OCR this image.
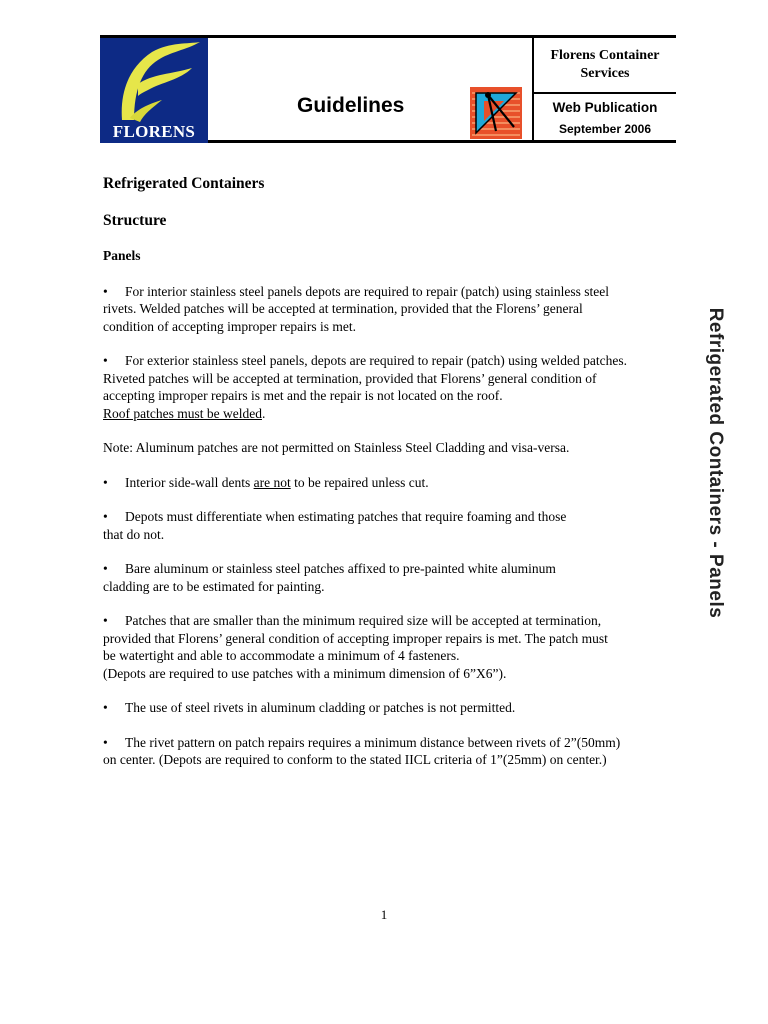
FLORENS
Guidelines
Florens Container
Services
Web Publication
September 2006
Refrigerated Containers
Structure
Panels
• For interior stainless steel panels depots are required to repair (patch) using stainless steel
rivets. Welded patches will be accepted at termination, provided that the Florens’ general
condition of accepting improper repairs is met.
• For exterior stainless steel panels, depots are required to repair (patch) using welded patches.
Riveted patches will be accepted at termination, provided that Florens’ general condition of
accepting improper repairs is met and the repair is not located on the roof.
Roof patches must be welded.
Note: Aluminum patches are not permitted on Stainless Steel Cladding and visa-versa.
• Interior side-wall dents are not to be repaired unless cut.
• Depots must differentiate when estimating patches that require foaming and those
that do not.
• Bare aluminum or stainless steel patches affixed to pre-painted white aluminum
cladding are to be estimated for painting.
• Patches that are smaller than the minimum required size will be accepted at termination,
provided that Florens’ general condition of accepting improper repairs is met. The patch must
be watertight and able to accommodate a minimum of 4 fasteners.
(Depots are required to use patches with a minimum dimension of 6”X6”).
• The use of steel rivets in aluminum cladding or patches is not permitted.
• The rivet pattern on patch repairs requires a minimum distance between rivets of 2”(50mm)
on center. (Depots are required to conform to the stated IICL criteria of 1”(25mm) on center.)
Refrigerated Containers - Panels
1
